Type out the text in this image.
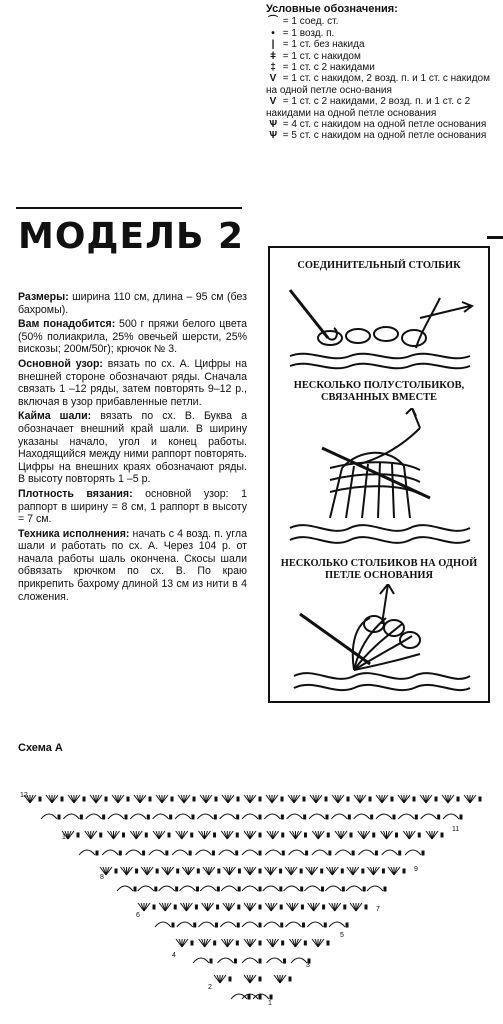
Условные обозначения:
⌒ = 1 соед. ст.
• = 1 возд. п.
| = 1 ст. без накида
ǂ = 1 ст. с накидом
‡ = 1 ст. с 2 накидами
V = 1 ст. с накидом, 2 возд. п. и 1 ст. с накидом на одной петле осно-вания
V = 1 ст. с 2 накидами, 2 возд. п. и 1 ст. с 2 накидами на одной петле основания
Ѱ = 4 ст. с накидом на одной петле основания
Ѱ = 5 ст. с накидом на одной петле основания
МОДЕЛЬ 2

Размеры: ширина 110 см, длина – 95 см (без бахромы).

Вам понадобится: 500 г пряжи белого цвета (50% полиакрила, 25% овечьей шерсти, 25% вискозы; 200м/50г); крючок № 3.

Основной узор: вязать по сх. А. Цифры на внешней стороне обозначают ряды. Сначала связать 1 –12 ряды, затем повторять 9–12 р., включая в узор прибавленные петли.

Кайма шали: вязать по сх. В. Буква а обозначает внешний край шали. В ширину указаны начало, угол и конец работы. Находящийся между ними раппорт повторять. Цифры на внешних краях обозначают ряды. В высоту повторять 1 –5 р.

Плотность вязания: основной узор: 1 раппорт в ширину = 8 см, 1 раппорт в высоту = 7 см.

Техника исполнения: начать с 4 возд. п. угла шали и работать по сх. А. Через 104 р. от начала работы шаль окончена. Скосы шали обвязать крючком по сх. В. По краю прикрепить бахрому длиной 13 см из нити в 4 сложения.

СОЕДИНИТЕЛЬНЫЙ СТОЛБИК
НЕСКОЛЬКО ПОЛУСТОЛБИКОВ, СВЯЗАННЫХ ВМЕСТЕ
НЕСКОЛЬКО СТОЛБИКОВ НА ОДНОЙ ПЕТЛЕ ОСНОВАНИЯ
Схема А
12
10
8
6
4
2
11
9
7
5
3
1
